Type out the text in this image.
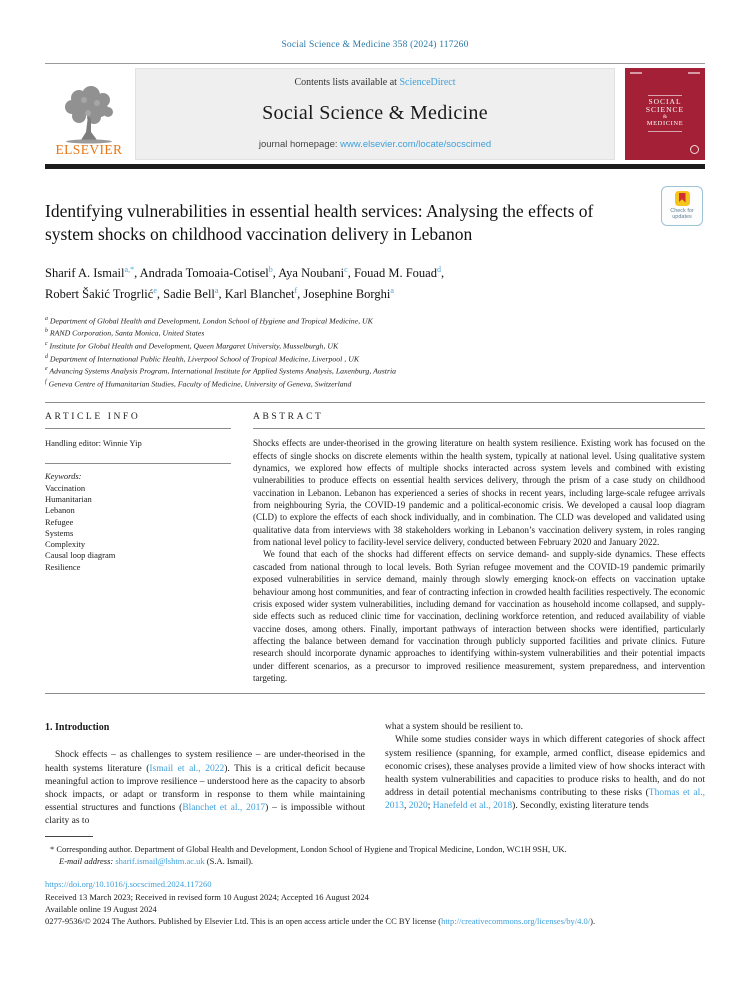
Social Science & Medicine 358 (2024) 117260
ELSEVIER
Contents lists available at ScienceDirect
Social Science & Medicine
journal homepage: www.elsevier.com/locate/socscimed
SOCIAL
SCIENCE
&
MEDICINE
Identifying vulnerabilities in essential health services: Analysing the effects of system shocks on childhood vaccination delivery in Lebanon
Check for
updates
Sharif A. Ismail$^{a,*}$, Andrada Tomoaia-Cotisel$^b$, Aya Noubani$^c$, Fouad M. Fouad$^d$,
Robert Šakić Trogrlić$^e$, Sadie Bell$^a$, Karl Blanchet$^f$, Josephine Borghi$^a$
$^a$ Department of Global Health and Development, London School of Hygiene and Tropical Medicine, UK
$^b$ RAND Corporation, Santa Monica, United States
$^c$ Institute for Global Health and Development, Queen Margaret University, Musselburgh, UK
$^d$ Department of International Public Health, Liverpool School of Tropical Medicine, Liverpool , UK
$^e$ Advancing Systems Analysis Program, International Institute for Applied Systems Analysis, Laxenburg, Austria
$^f$ Geneva Centre of Humanitarian Studies, Faculty of Medicine, University of Geneva, Switzerland
ARTICLE INFO
Handling editor: Winnie Yip
Keywords:
Vaccination
Humanitarian
Lebanon
Refugee
Systems
Complexity
Causal loop diagram
Resilience
ABSTRACT

Shocks effects are under-theorised in the growing literature on health system resilience. Existing work has focused on the effects of single shocks on discrete elements within the health system, typically at national level. Using qualitative system dynamics, we explored how effects of multiple shocks interacted across system levels and combined with existing vulnerabilities to produce effects on essential health services delivery, through the prism of a case study on childhood vaccination in Lebanon. Lebanon has experienced a series of shocks in recent years, including large-scale refugee arrivals from neighbouring Syria, the COVID-19 pandemic and a political-economic crisis. We developed a causal loop diagram (CLD) to explore the effects of each shock individually, and in combination. The CLD was developed and validated using qualitative data from interviews with 38 stakeholders working in Lebanon’s vaccination delivery system, in roles ranging from national level policy to facility-level service delivery, conducted between February 2020 and January 2022.

We found that each of the shocks had different effects on service demand- and supply-side dynamics. These effects cascaded from national through to local levels. Both Syrian refugee movement and the COVID-19 pandemic primarily exposed vulnerabilities in service demand, mainly through slowly emerging knock-on effects on vaccination uptake behaviour among host communities, and fear of contracting infection in crowded health facilities respectively. The economic crisis exposed wider system vulnerabilities, including demand for vaccination as household income collapsed, and supply-side effects such as reduced clinic time for vaccination, declining workforce retention, and reduced availability of viable vaccine doses, among others. Finally, important pathways of interaction between shocks were identified, particularly affecting the balance between demand for vaccination through publicly supported facilities and private clinics. Future research should incorporate dynamic approaches to identifying within-system vulnerabilities and their potential impacts under different scenarios, as a precursor to improved resilience measurement, system preparedness, and intervention targeting.

1. Introduction

Shock effects – as challenges to system resilience – are under-theorised in the health systems literature (Ismail et al., 2022). This is a critical deficit because meaningful action to improve resilience – understood here as the capacity to absorb shock impacts, or adapt or transform in response to them while maintaining essential structures and functions (Blanchet et al., 2017) – is impossible without clarity as to

what a system should be resilient to.

While some studies consider ways in which different categories of shock affect system resilience (spanning, for example, armed conflict, disease epidemics and economic crises), these analyses provide a limited view of how shocks interact with health system vulnerabilities and capacities to produce risks to health, and do not address in detail potential mechanisms contributing to these risks (Thomas et al., 2013, 2020; Hanefeld et al., 2018). Secondly, existing literature tends

* Corresponding author. Department of Global Health and Development, London School of Hygiene and Tropical Medicine, London, WC1H 9SH, UK.
E-mail address: sharif.ismail@lshtm.ac.uk (S.A. Ismail).
https://doi.org/10.1016/j.socscimed.2024.117260
Received 13 March 2023; Received in revised form 10 August 2024; Accepted 16 August 2024
Available online 19 August 2024
0277-9536/© 2024 The Authors. Published by Elsevier Ltd. This is an open access article under the CC BY license (http://creativecommons.org/licenses/by/4.0/).
